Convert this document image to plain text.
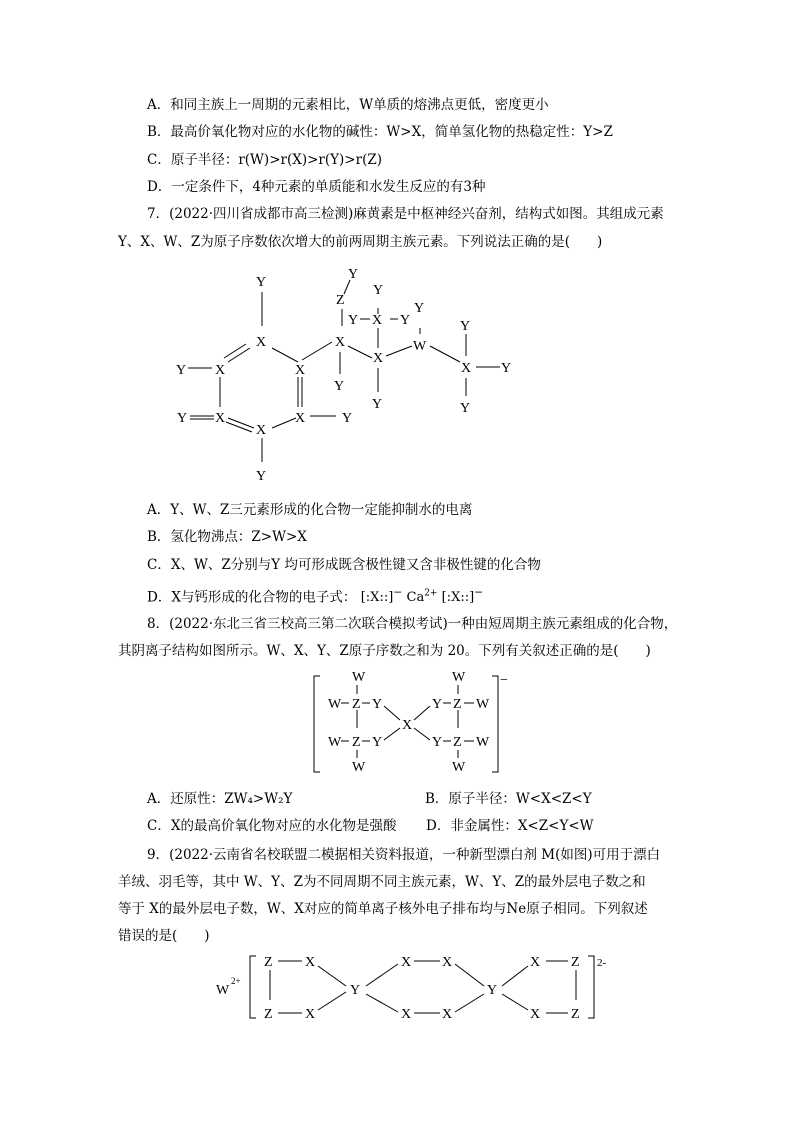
A．和同主族上一周期的元素相比，W单质的熔沸点更低，密度更小
B．最高价氧化物对应的水化物的碱性：W>X，简单氢化物的热稳定性：Y>Z
C．原子半径：r(W)>r(X)>r(Y)>r(Z)
D．一定条件下，4种元素的单质能和水发生反应的有3种
7．(2022·四川省成都市高三检测)麻黄素是中枢神经兴奋剂，结构式如图。其组成元素
Y、X、W、Z为原子序数依次增大的前两周期主族元素。下列说法正确的是(　　)
Y
X
X	X
Y
X	X
Y
X
Y
Y
X
Z
Y
Y
Y X Y
Y
X
Y
W
Y
X
Y
Y
Y
A．Y、W、Z三元素形成的化合物一定能抑制水的电离
B．氢化物沸点：Z>W>X
C．X、W、Z分别与Y 均可形成既含极性键又含非极性键的化合物
D．X与钙形成的化合物的电子式： [:X::]− $Ca^{2+}$ [:X::]−
8．(2022·东北三省三校高三第二次联合模拟考试)一种由短周期主族元素组成的化合物，
其阴离子结构如图所示。W、X、Y、Z原子序数之和为 20。下列有关叙述正确的是(　　)
−
W
W Z Y
W Z Y
W
X
W
Y Z W
Y Z W
W
A．还原性：ZW₄>W₂Y	B．原子半径：W<X<Z<Y
C．X的最高价氧化物对应的水化物是强酸 D．非金属性：X<Z<Y<W
9．(2022·云南省名校联盟二模据相关资料报道，一种新型漂白剂 M(如图)可用于漂白
羊绒、羽毛等，其中 W、Y、Z为不同周期不同主族元素，W、Y、Z的最外层电子数之和
等于 X的最外层电子数，W、X对应的简单离子核外电子排布均与Ne原子相同。下列叙述
错误的是(　　)
W
2+
2-
Z X
Z X
Y
X X
X X
Y
X Z
X Z
